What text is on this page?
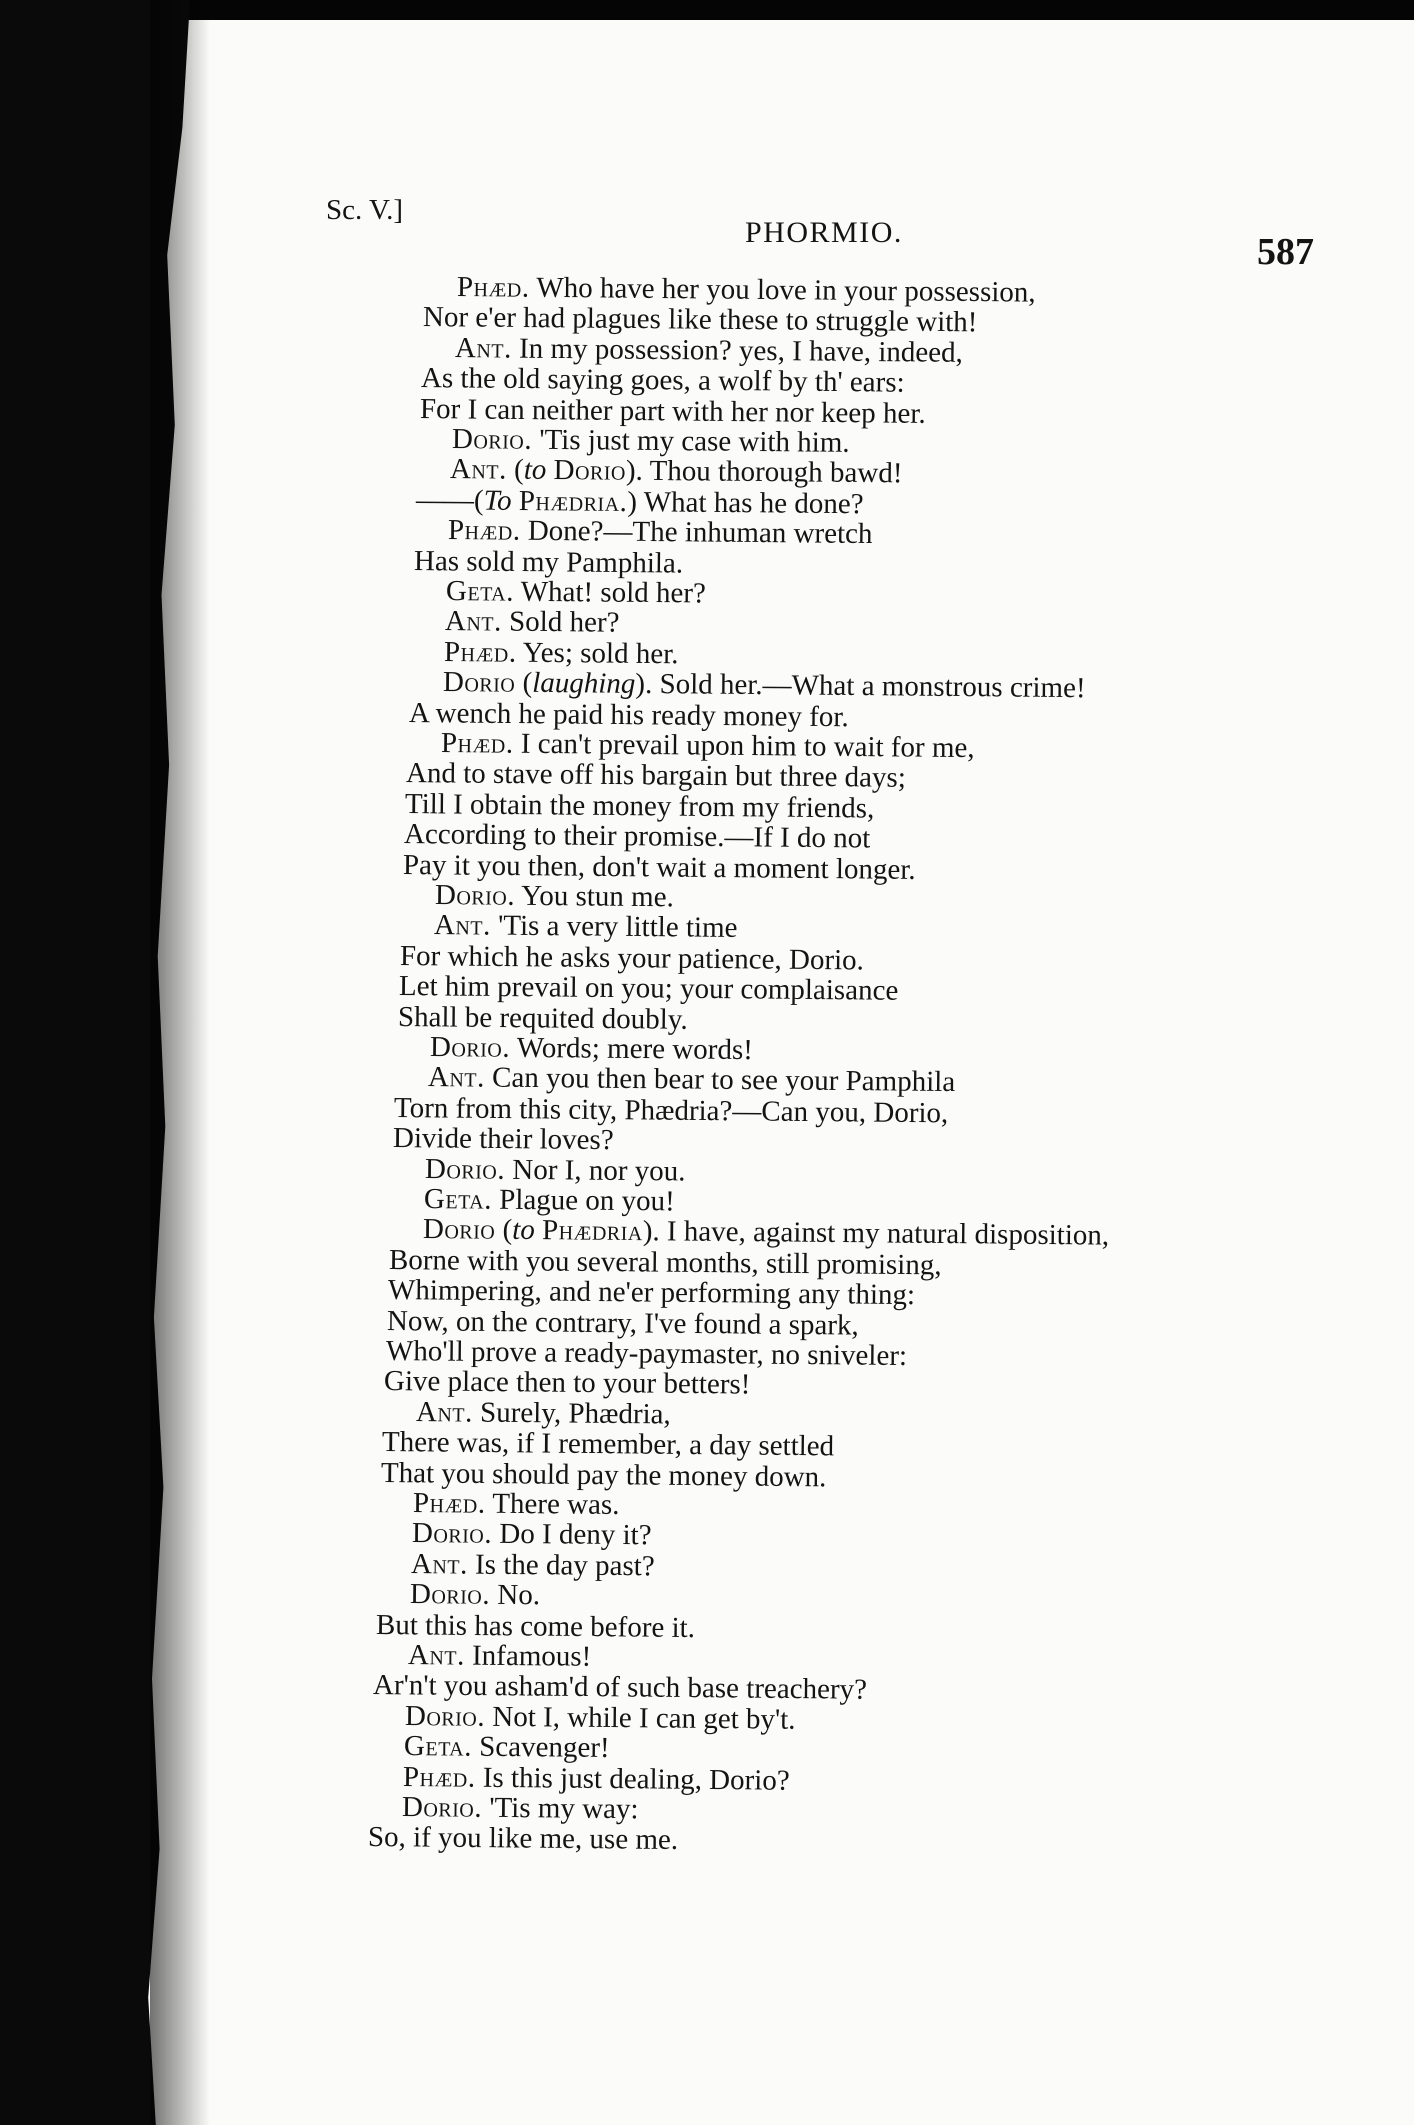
Sc. V.]
PHORMIO.	587
Phæd. Who have her you love in your possession,
Nor e'er had plagues like these to struggle with!
Ant. In my possession? yes, I have, indeed,
As the old saying goes, a wolf by th' ears:
For I can neither part with her nor keep her.
Dorio. 'Tis just my case with him.
Ant. (to Dorio). Thou thorough bawd!
——(To Phædria.) What has he done?
Phæd. Done?—The inhuman wretch
Has sold my Pamphila.
Geta. What! sold her?
Ant. Sold her?
Phæd. Yes; sold her.
Dorio (laughing). Sold her.—What a monstrous crime!
A wench he paid his ready money for.
Phæd. I can't prevail upon him to wait for me,
And to stave off his bargain but three days;
Till I obtain the money from my friends,
According to their promise.—If I do not
Pay it you then, don't wait a moment longer.
Dorio. You stun me.
Ant. 'Tis a very little time
For which he asks your patience, Dorio.
Let him prevail on you; your complaisance
Shall be requited doubly.
Dorio. Words; mere words!
Ant. Can you then bear to see your Pamphila
Torn from this city, Phædria?—Can you, Dorio,
Divide their loves?
Dorio. Nor I, nor you.
Geta. Plague on you!
Dorio (to Phædria). I have, against my natural disposition,
Borne with you several months, still promising,
Whimpering, and ne'er performing any thing:
Now, on the contrary, I've found a spark,
Who'll prove a ready-paymaster, no sniveler:
Give place then to your betters!
Ant. Surely, Phædria,
There was, if I remember, a day settled
That you should pay the money down.
Phæd. There was.
Dorio. Do I deny it?
Ant. Is the day past?
Dorio. No.
But this has come before it.
Ant. Infamous!
Ar'n't you asham'd of such base treachery?
Dorio. Not I, while I can get by't.
Geta. Scavenger!
Phæd. Is this just dealing, Dorio?
Dorio. 'Tis my way:
So, if you like me, use me.
